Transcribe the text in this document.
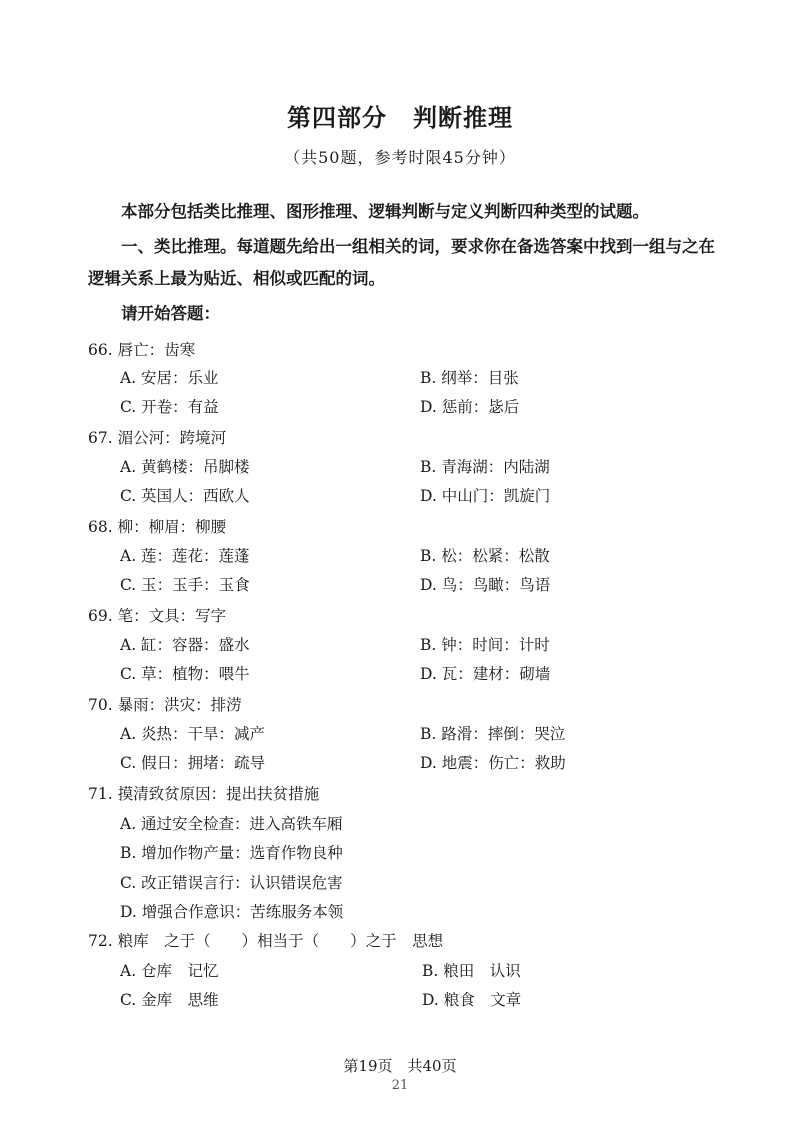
第四部分 判断推理
（共50题，参考时限45分钟）
本部分包括类比推理、图形推理、逻辑判断与定义判断四种类型的试题。
一、类比推理。每道题先给出一组相关的词，要求你在备选答案中找到一组与之在逻辑关系上最为贴近、相似或匹配的词。
请开始答题：
66. 唇亡：齿寒
A. 安居：乐业	B. 纲举：目张
C. 开卷：有益	D. 惩前：毖后
67. 湄公河：跨境河
A. 黄鹤楼：吊脚楼	B. 青海湖：内陆湖
C. 英国人：西欧人	D. 中山门：凯旋门
68. 柳：柳眉：柳腰
A. 莲：莲花：莲蓬	B. 松：松紧：松散
C. 玉：玉手：玉食	D. 鸟：鸟瞰：鸟语
69. 笔：文具：写字
A. 缸：容器：盛水	B. 钟：时间：计时
C. 草：植物：喂牛	D. 瓦：建材：砌墙
70. 暴雨：洪灾：排涝
A. 炎热：干旱：减产	B. 路滑：摔倒：哭泣
C. 假日：拥堵：疏导	D. 地震：伤亡：救助
71. 摸清致贫原因：提出扶贫措施
A. 通过安全检查：进入高铁车厢
B. 增加作物产量：选育作物良种
C. 改正错误言行：认识错误危害
D. 增强合作意识：苦练服务本领
72. 粮库　之于（　　）相当于（　　）之于　思想
A. 仓库　记忆	B. 粮田　认识
C. 金库　思维	D. 粮食　文章
第19页　共40页
21
